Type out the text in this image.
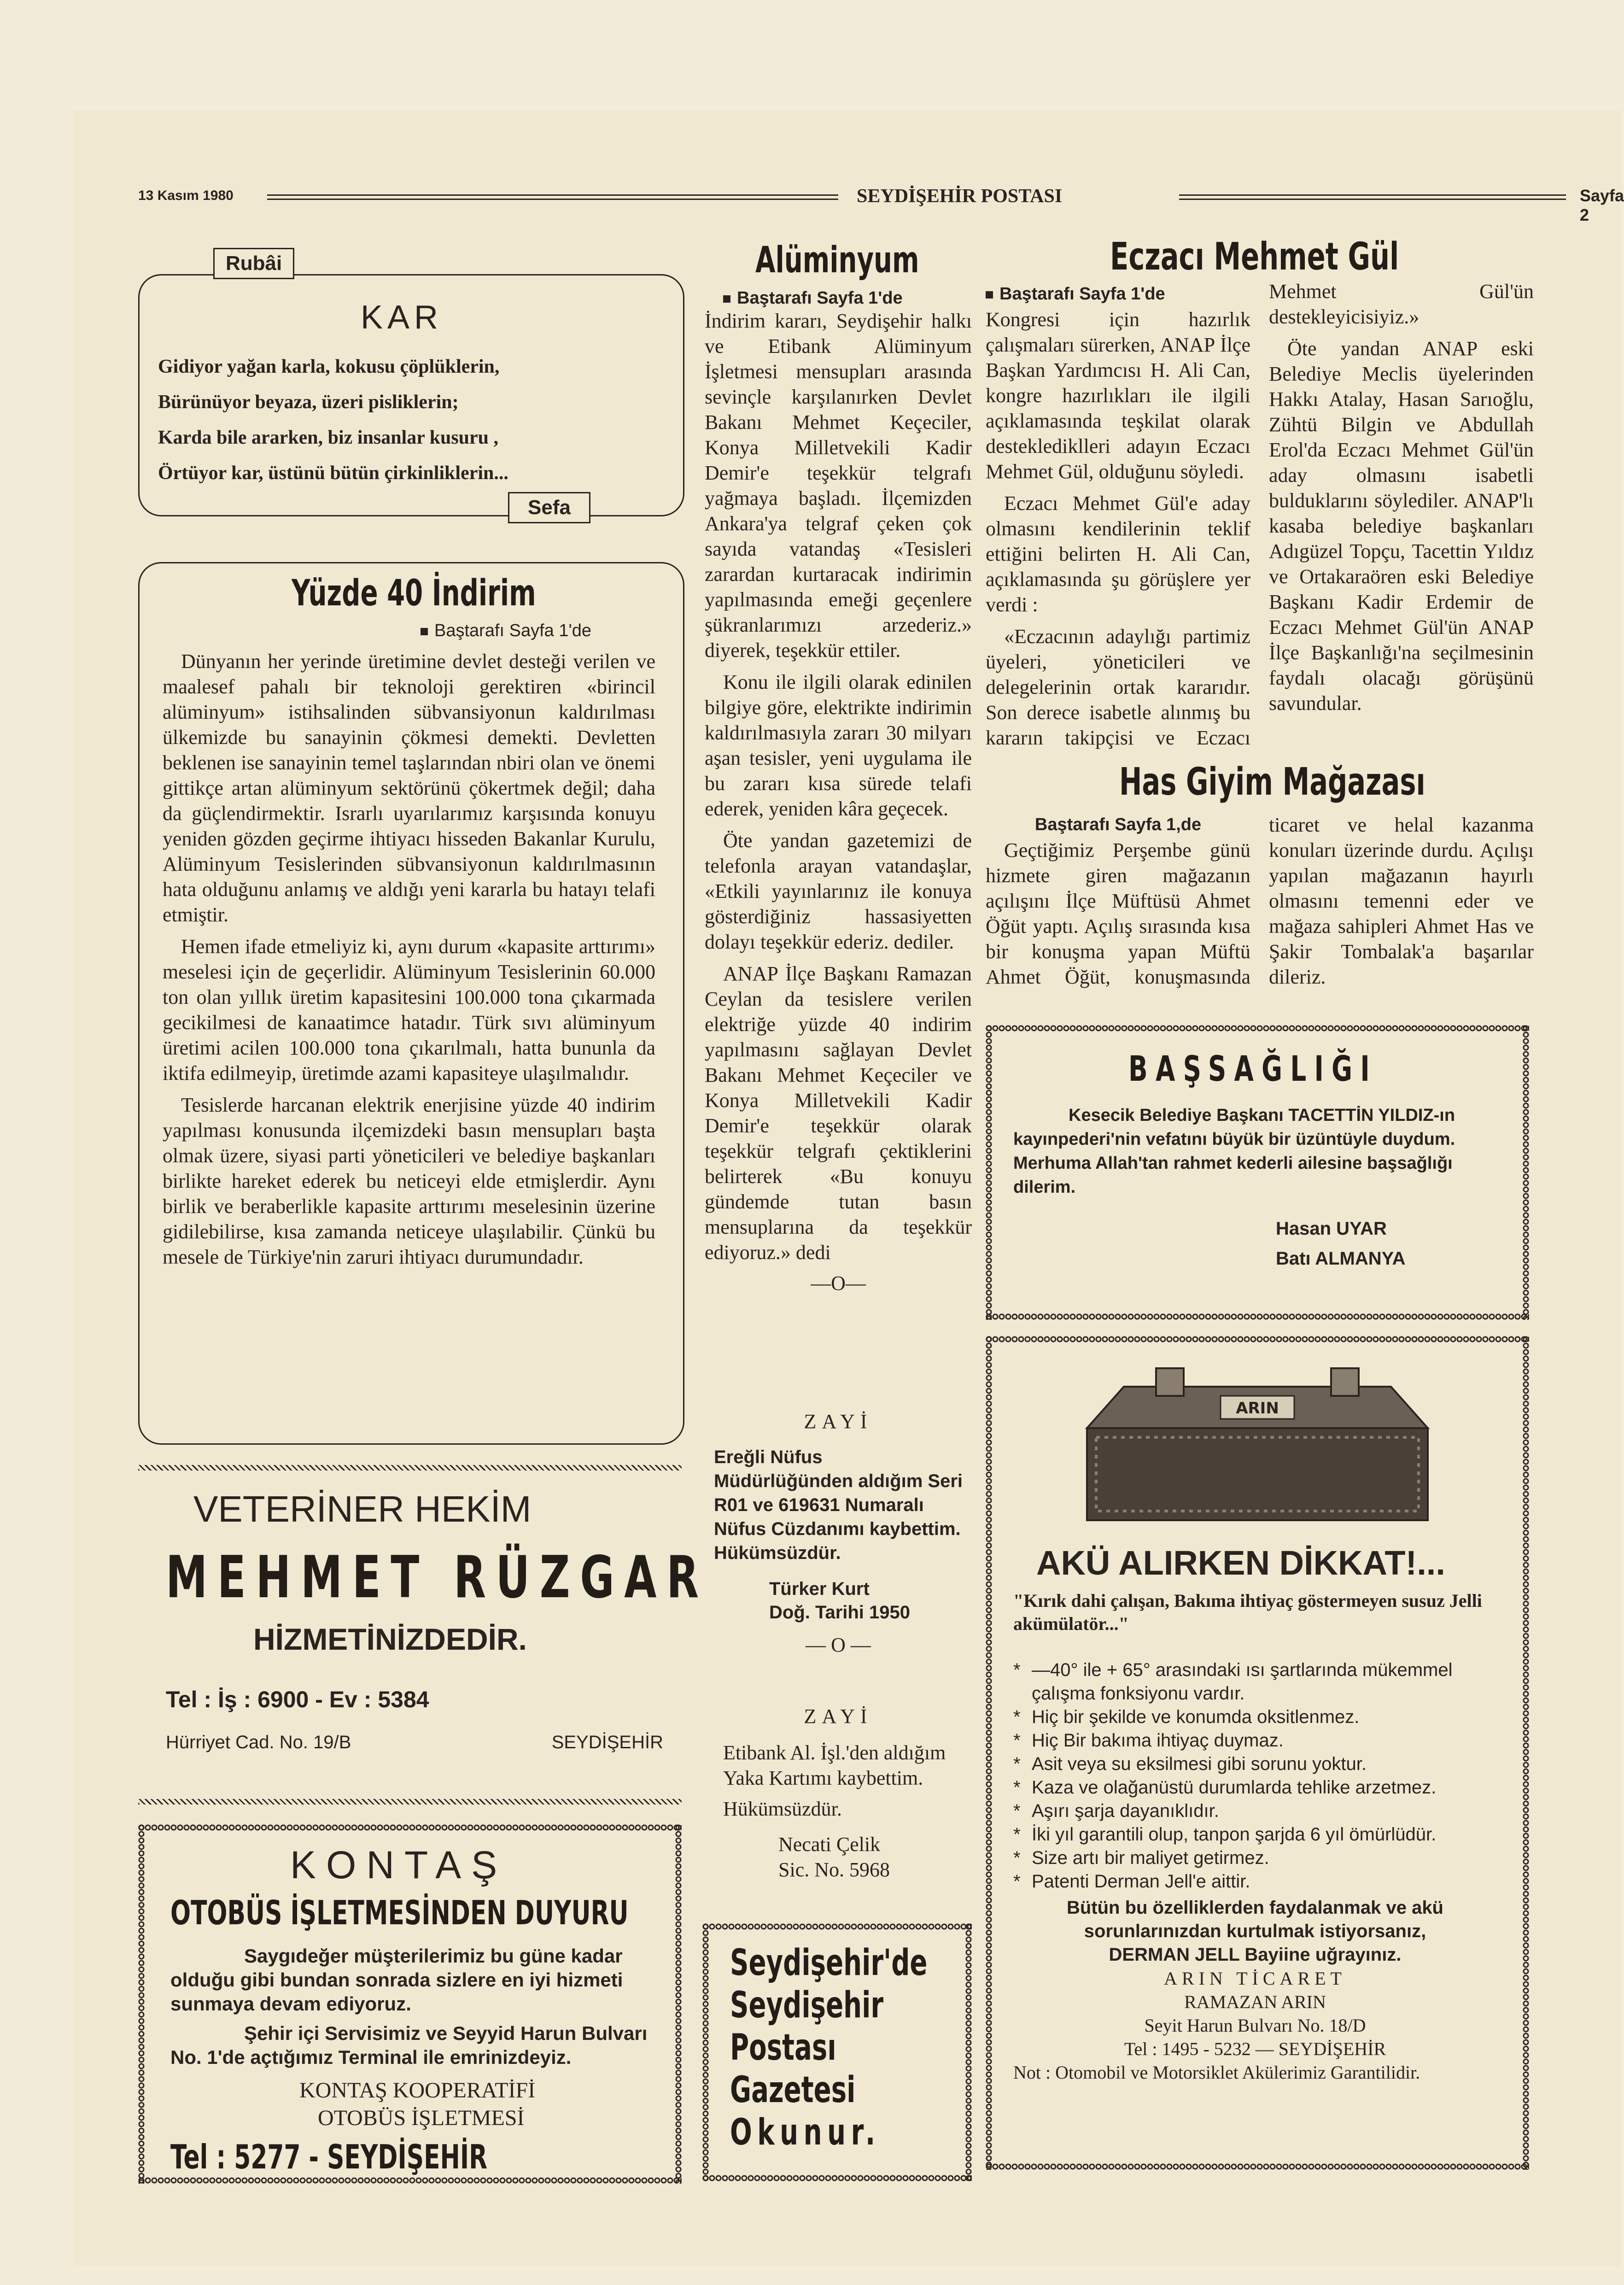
13 Kasım 1980	SEYDİŞEHİR POSTASI	Sayfa 2
Rubâi
KAR
Gidiyor yağan karla, kokusu çöplüklerin,
Bürünüyor beyaza, üzeri pisliklerin;
Karda bile ararken, biz insanlar kusuru ,
Örtüyor kar, üstünü bütün çirkinliklerin...
Sefa
Yüzde 40 İndirim
Baştarafı Sayfa 1'de

Dünyanın her yerinde üretimine devlet desteği verilen ve maalesef pahalı bir teknoloji gerektiren «birincil alüminyum» istihsalinden sübvansiyonun kaldırılması ülkemizde bu sanayinin çökmesi demekti. Devletten beklenen ise sanayinin temel taşlarından nbiri olan ve önemi gittikçe artan alüminyum sektörünü çökertmek değil; daha da güçlendirmektir. Israrlı uyarılarımız karşısında konuyu yeniden gözden geçirme ihtiyacı hisseden Bakanlar Kurulu, Alüminyum Tesislerinden sübvansiyonun kaldırılmasının hata olduğunu anlamış ve aldığı yeni kararla bu hatayı telafi etmiştir.

Hemen ifade etmeliyiz ki, aynı durum «kapasite arttırımı» meselesi için de geçerlidir. Alüminyum Tesislerinin 60.000 ton olan yıllık üretim kapasitesini 100.000 tona çıkarmada gecikilmesi de kanaatimce hatadır. Türk sıvı alüminyum üretimi acilen 100.000 tona çıkarılmalı, hatta bununla da iktifa edilmeyip, üretimde azami kapasiteye ulaşılmalıdır.

Tesislerde harcanan elektrik enerjisine yüzde 40 indirim yapılması konusunda ilçemizdeki basın mensupları başta olmak üzere, siyasi parti yöneticileri ve belediye başkanları birlikte hareket ederek bu neticeyi elde etmişlerdir. Aynı birlik ve beraberlikle kapasite arttırımı meselesinin üzerine gidilebilirse, kısa zamanda neticeye ulaşılabilir. Çünkü bu mesele de Türkiye'nin zaruri ihtiyacı durumundadır.

VETERİNER HEKİM
MEHMET RÜZGAR
HİZMETİNİZDEDİR.
Tel : İş : 6900 - Ev : 5384
Hürriyet Cad. No. 19/B	SEYDİŞEHİR
KONTAŞ
OTOBÜS İŞLETMESİNDEN DUYURU

Saygıdeğer müşterilerimiz bu güne kadar olduğu gibi bundan sonrada sizlere en iyi hizmeti sunmaya devam ediyoruz.

Şehir içi Servisimiz ve Seyyid Harun Bulvarı No. 1'de açtığımız Terminal ile emrinizdeyiz.

KONTAŞ KOOPERATİFİ
OTOBÜS İŞLETMESİ
Tel : 5277 - SEYDİŞEHİR
Alüminyum
Baştarafı Sayfa 1'de

İndirim kararı, Seydişehir halkı ve Etibank Alüminyum İşletmesi mensupları arasında sevinçle karşılanırken Devlet Bakanı Mehmet Keçeciler, Konya Milletvekili Kadir Demir'e teşekkür telgrafı yağmaya başladı. İlçemizden Ankara'ya telgraf çeken çok sayıda vatandaş «Tesisleri zarardan kurtaracak indirimin yapılmasında emeği geçenlere şükranlarımızı arzederiz.» diyerek, teşekkür ettiler.

Konu ile ilgili olarak edinilen bilgiye göre, elektrikte indirimin kaldırılmasıyla zararı 30 milyarı aşan tesisler, yeni uygulama ile bu zararı kısa sürede telafi ederek, yeniden kâra geçecek.

Öte yandan gazetemizi de telefonla arayan vatandaşlar, «Etkili yayınlarınız ile konuya gösterdiğiniz hassasiyetten dolayı teşekkür ederiz. dediler.

ANAP İlçe Başkanı Ramazan Ceylan da tesislere verilen elektriğe yüzde 40 indirim yapılmasını sağlayan Devlet Bakanı Mehmet Keçeciler ve Konya Milletvekili Kadir Demir'e teşekkür olarak teşekkür telgrafı çektiklerini belirterek «Bu konuyu gündemde tutan basın mensuplarına da teşekkür ediyoruz.» dedi

—O—
ZAYİ
Ereğli Nüfus Müdürlüğünden aldığım Seri R01 ve 619631 Numaralı Nüfus Cüzdanımı kaybettim. Hükümsüzdür.
Türker Kurt
Doğ. Tarihi 1950
— O —
ZAYİ
Etibank Al. İşl.'den aldığım Yaka Kartımı kaybettim.
Hükümsüzdür.
Necati Çelik
Sic. No. 5968
Seydişehir'de
Seydişehir
Postası
Gazetesi
Okunur.
Eczacı Mehmet Gül
Baştarafı Sayfa 1'de

Kongresi için hazırlık çalışmaları sürerken, ANAP İlçe Başkan Yardımcısı H. Ali Can, kongre hazırlıkları ile ilgili açıklamasında teşkilat olarak desteklediklleri adayın Eczacı Mehmet Gül, olduğunu söyledi.

Eczacı Mehmet Gül'e aday olmasını kendilerinin teklif ettiğini belirten H. Ali Can, açıklamasında şu görüşlere yer verdi :

«Eczacının adaylığı partimiz üyeleri, yöneticileri ve delegelerinin ortak kararıdır. Son derece isabetle alınmış bu kararın takipçisi ve Eczacı Mehmet Gül'ün destekleyicisiyiz.»

Öte yandan ANAP eski Belediye Meclis üyelerinden Hakkı Atalay, Hasan Sarıoğlu, Zühtü Bilgin ve Abdullah Erol'da Eczacı Mehmet Gül'ün aday olmasını isabetli bulduklarını söylediler. ANAP'lı kasaba belediye başkanları Adıgüzel Topçu, Tacettin Yıldız ve Ortakaraören eski Belediye Başkanı Kadir Erdemir de Eczacı Mehmet Gül'ün ANAP İlçe Başkanlığı'na seçilmesinin faydalı olacağı görüşünü savundular.

Has Giyim Mağazası
Baştarafı Sayfa 1,de
Geçtiğimiz Perşembe günü hizmete giren mağazanın açılışını İlçe Müftüsü Ahmet Öğüt yaptı. Açılış sırasında kısa bir konuşma yapan Müftü Ahmet Öğüt, konuşmasında ticaret ve helal kazanma konuları üzerinde durdu. Açılışı yapılan mağazanın hayırlı olmasını temenni eder ve mağaza sahipleri Ahmet Has ve Şakir Tombalak'a başarılar dileriz.
BAŞSAĞLIĞI
Kesecik Belediye Başkanı TACETTİN YILDIZ-ın kayınpederi'nin vefatını büyük bir üzüntüyle duydum. Merhuma Allah'tan rahmet kederli ailesine başsağlığı dilerim.
Hasan UYAR
Batı ALMANYA
ARIN
AKÜ ALIRKEN DİKKAT!...
"Kırık dahi çalışan, Bakıma ihtiyaç göstermeyen susuz Jelli akümülatör..."
* —40° ile + 65° arasındaki ısı şartlarında mükemmel çalışma fonksiyonu vardır.
* Hiç bir şekilde ve konumda oksitlenmez.
* Hiç Bir bakıma ihtiyaç duymaz.
* Asit veya su eksilmesi gibi sorunu yoktur.
* Kaza ve olağanüstü durumlarda tehlike arzetmez.
* Aşırı şarja dayanıklıdır.
* İki yıl garantili olup, tanpon şarjda 6 yıl ömürlüdür.
* Size artı bir maliyet getirmez.
* Patenti Derman Jell'e aittir.
Bütün bu özelliklerden faydalanmak ve akü sorunlarınızdan kurtulmak istiyorsanız,
DERMAN JELL Bayiine uğrayınız.
ARIN TİCARET
RAMAZAN ARIN
Seyit Harun Bulvarı No. 18/D
Tel : 1495 - 5232 — SEYDİŞEHİR
Not : Otomobil ve Motorsiklet Akülerimiz Garantilidir.
